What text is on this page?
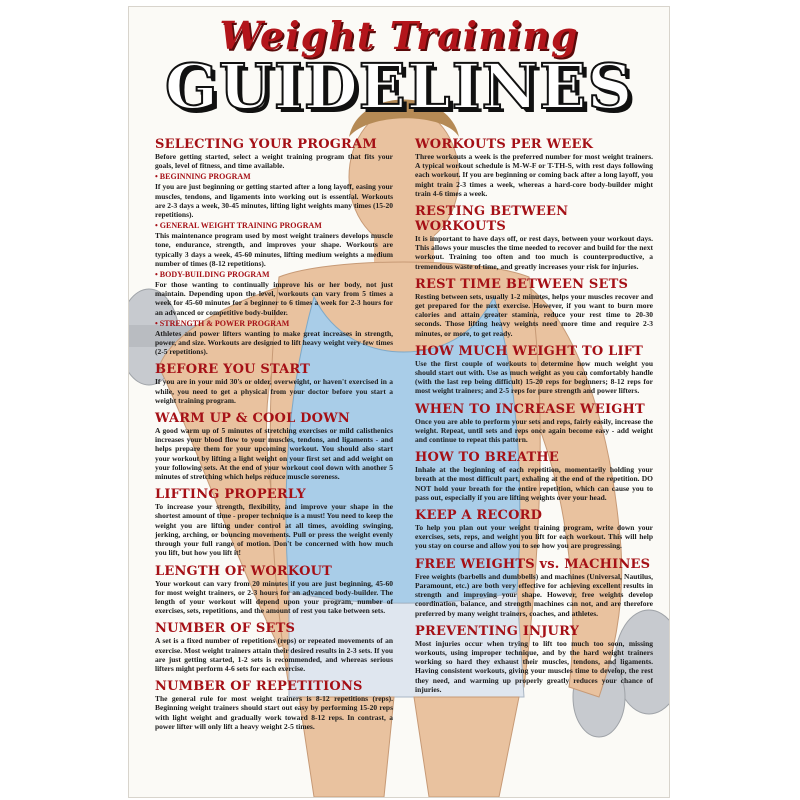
Weight Training
GUIDELINES
SELECTING YOUR PROGRAM
Before getting started, select a weight training program that fits your goals, level of fitness, and time available.
• BEGINNING PROGRAM
If you are just beginning or getting started after a long layoff, easing your muscles, tendons, and ligaments into working out is essential. Workouts are 2-3 days a week, 30-45 minutes, lifting light weights many times (15-20 repetitions).
• GENERAL WEIGHT TRAINING PROGRAM
This maintenance program used by most weight trainers develops muscle tone, endurance, strength, and improves your shape. Workouts are typically 3 days a week, 45-60 minutes, lifting medium weights a medium number of times (8-12 repetitions).
• BODY-BUILDING PROGRAM
For those wanting to continually improve his or her body, not just maintain. Depending upon the level, workouts can vary from 5 times a week for 45-60 minutes for a beginner to 6 times a week for 2-3 hours for an advanced or competitive body-builder.
• STRENGTH & POWER PROGRAM
Athletes and power lifters wanting to make great increases in strength, power, and size. Workouts are designed to lift heavy weight very few times (2-5 repetitions).
BEFORE YOU START
If you are in your mid 30's or older, overweight, or haven't exercised in a while, you need to get a physical from your doctor before you start a weight training program.
WARM UP & COOL DOWN
A good warm up of 5 minutes of stretching exercises or mild calisthenics increases your blood flow to your muscles, tendons, and ligaments - and helps prepare them for your upcoming workout. You should also start your workout by lifting a light weight on your first set and add weight on your following sets. At the end of your workout cool down with another 5 minutes of stretching which helps reduce muscle soreness.
LIFTING PROPERLY
To increase your strength, flexibility, and improve your shape in the shortest amount of time - proper technique is a must! You need to keep the weight you are lifting under control at all times, avoiding swinging, jerking, arching, or bouncing movements. Pull or press the weight evenly through your full range of motion. Don't be concerned with how much you lift, but how you lift it!
LENGTH OF WORKOUT
Your workout can vary from 20 minutes if you are just beginning, 45-60 for most weight trainers, or 2-3 hours for an advanced body-builder. The length of your workout will depend upon your program, number of exercises, sets, repetitions, and the amount of rest you take between sets.
NUMBER OF SETS
A set is a fixed number of repetitions (reps) or repeated movements of an exercise. Most weight trainers attain their desired results in 2-3 sets. If you are just getting started, 1-2 sets is recommended, and whereas serious lifters might perform 4-6 sets for each exercise.
NUMBER OF REPETITIONS
The general rule for most weight trainers is 8-12 repetitions (reps). Beginning weight trainers should start out easy by performing 15-20 reps with light weight and gradually work toward 8-12 reps. In contrast, a power lifter will only lift a heavy weight 2-5 times.
WORKOUTS PER WEEK
Three workouts a week is the preferred number for most weight trainers. A typical workout schedule is M-W-F or T-TH-S, with rest days following each workout. If you are beginning or coming back after a long layoff, you might train 2-3 times a week, whereas a hard-core body-builder might train 4-6 times a week.
RESTING BETWEEN WORKOUTS
It is important to have days off, or rest days, between your workout days. This allows your muscles the time needed to recover and build for the next workout. Training too often and too much is counterproductive, a tremendous waste of time, and greatly increases your risk for injuries.
REST TIME BETWEEN SETS
Resting between sets, usually 1-2 minutes, helps your muscles recover and get prepared for the next exercise. However, if you want to burn more calories and attain greater stamina, reduce your rest time to 20-30 seconds. Those lifting heavy weights need more time and require 2-3 minutes, or more, to get ready.
HOW MUCH WEIGHT TO LIFT
Use the first couple of workouts to determine how much weight you should start out with. Use as much weight as you can comfortably handle (with the last rep being difficult) 15-20 reps for beginners; 8-12 reps for most weight trainers; and 2-5 reps for pure strength and power lifters.
WHEN TO INCREASE WEIGHT
Once you are able to perform your sets and reps, fairly easily, increase the weight. Repeat, until sets and reps once again become easy - add weight and continue to repeat this pattern.
HOW TO BREATHE
Inhale at the beginning of each repetition, momentarily holding your breath at the most difficult part, exhaling at the end of the repetition. DO NOT hold your breath for the entire repetition, which can cause you to pass out, especially if you are lifting weights over your head.
KEEP A RECORD
To help you plan out your weight training program, write down your exercises, sets, reps, and weight you lift for each workout. This will help you stay on course and allow you to see how you are progressing.
FREE WEIGHTS vs. MACHINES
Free weights (barbells and dumbbells) and machines (Universal, Nautilus, Paramount, etc.) are both very effective for achieving excellent results in strength and improving your shape. However, free weights develop coordination, balance, and strength machines can not, and are therefore preferred by many weight trainers, coaches, and athletes.
PREVENTING INJURY
Most injuries occur when trying to lift too much too soon, missing workouts, using improper technique, and by the hard weight trainers working so hard they exhaust their muscles, tendons, and ligaments. Having consistent workouts, giving your muscles time to develop, the rest they need, and warming up properly greatly reduces your chance of injuries.
